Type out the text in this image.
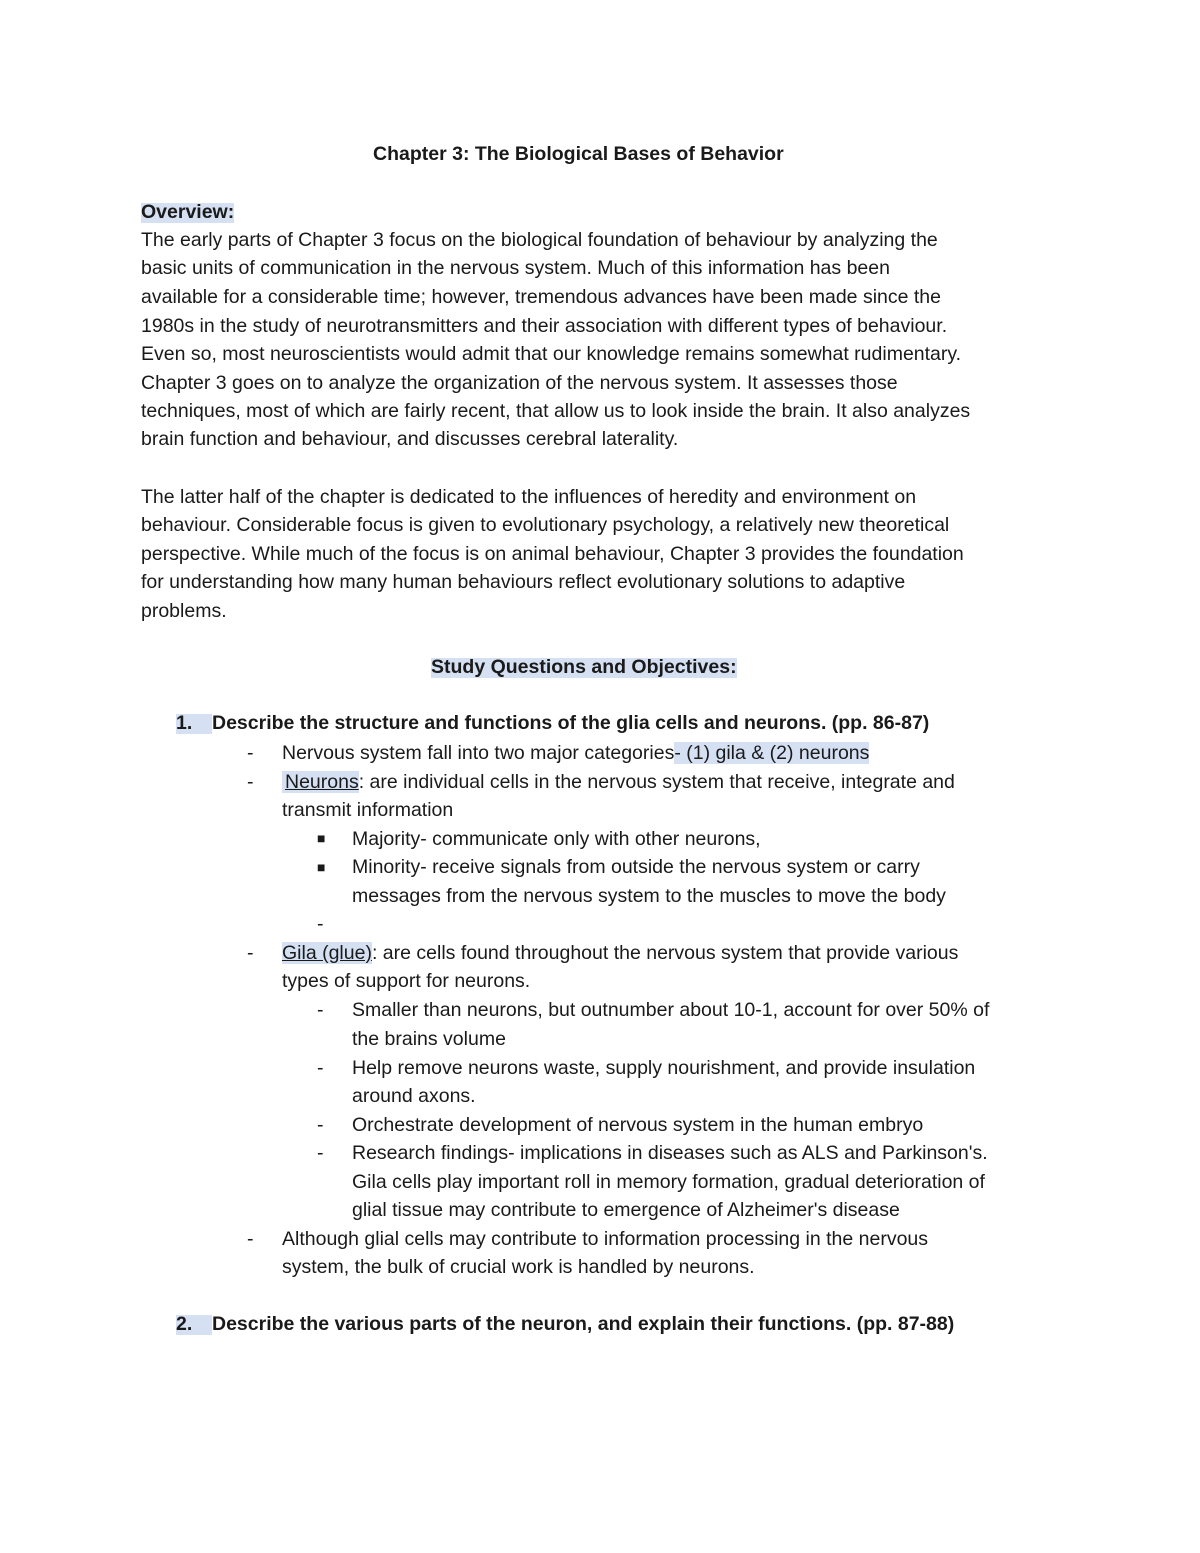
Chapter 3: The Biological Bases of Behavior
Overview:
The early parts of Chapter 3 focus on the biological foundation of behaviour by analyzing the
basic units of communication in the nervous system. Much of this information has been
available for a considerable time; however, tremendous advances have been made since the
1980s in the study of neurotransmitters and their association with different types of behaviour.
Even so, most neuroscientists would admit that our knowledge remains somewhat rudimentary.
Chapter 3 goes on to analyze the organization of the nervous system. It assesses those
techniques, most of which are fairly recent, that allow us to look inside the brain. It also analyzes
brain function and behaviour, and discusses cerebral laterality.
The latter half of the chapter is dedicated to the influences of heredity and environment on
behaviour. Considerable focus is given to evolutionary psychology, a relatively new theoretical
perspective. While much of the focus is on animal behaviour, Chapter 3 provides the foundation
for understanding how many human behaviours reflect evolutionary solutions to adaptive
problems.
Study Questions and Objectives:
1.	Describe the structure and functions of the glia cells and neurons. (pp. 86-87)
- Nervous system fall into two major categories- (1) gila & (2) neurons
- Neurons: are individual cells in the nervous system that receive, integrate and
transmit information
■ Majority- communicate only with other neurons,
■ Minority- receive signals from outside the nervous system or carry
messages from the nervous system to the muscles to move the body
-
- Gila (glue): are cells found throughout the nervous system that provide various
types of support for neurons.
- Smaller than neurons, but outnumber about 10-1, account for over 50% of
the brains volume
- Help remove neurons waste, supply nourishment, and provide insulation
around axons.
- Orchestrate development of nervous system in the human embryo
- Research findings- implications in diseases such as ALS and Parkinson's.
Gila cells play important roll in memory formation, gradual deterioration of
glial tissue may contribute to emergence of Alzheimer's disease
- Although glial cells may contribute to information processing in the nervous
system, the bulk of crucial work is handled by neurons.
2.	Describe the various parts of the neuron, and explain their functions. (pp. 87-88)
